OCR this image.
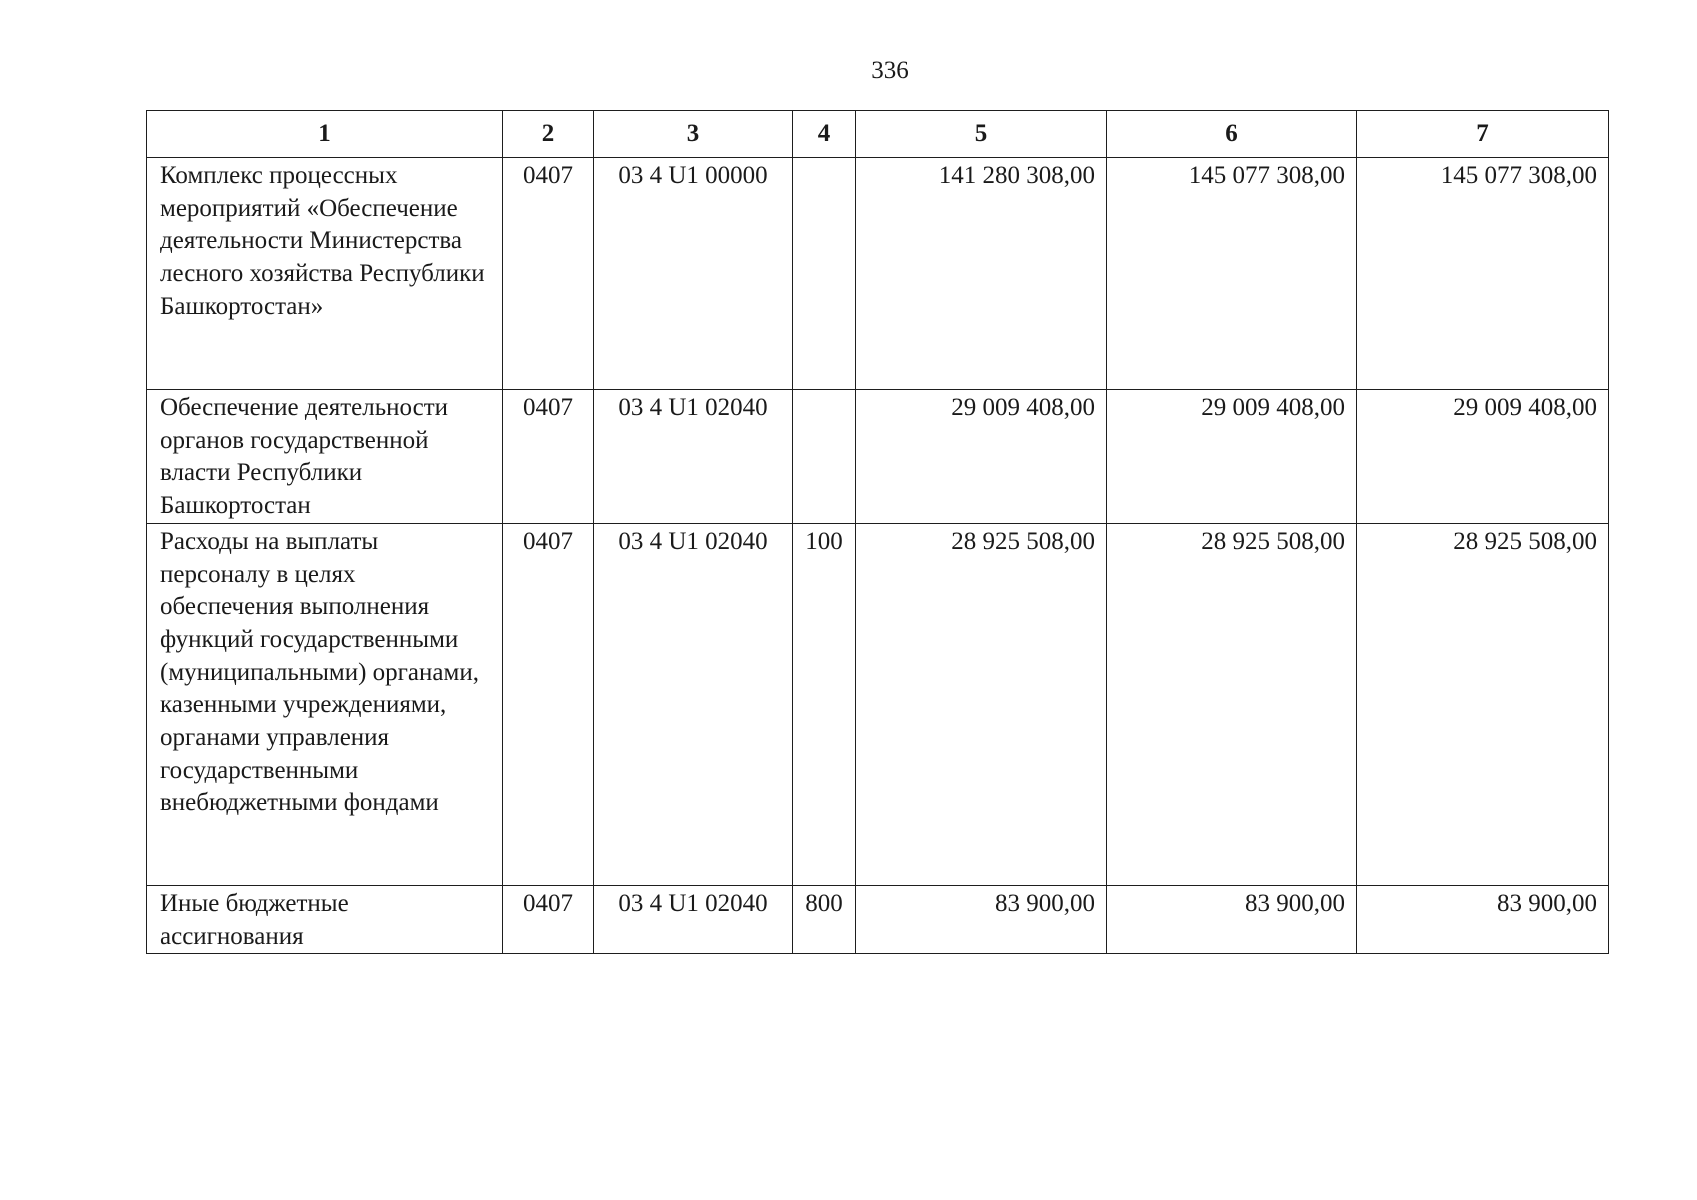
336
1	2	3	4	5	6	7
Комплекс процессных мероприятий «Обеспечение деятельности Министерства лесного хозяйства Республики Башкортостан»	0407	03 4 U1 00000		141 280 308,00	145 077 308,00	145 077 308,00
Обеспечение деятельности органов государственной власти Республики Башкортостан	0407	03 4 U1 02040		29 009 408,00	29 009 408,00	29 009 408,00
Расходы на выплаты персоналу в целях обеспечения выполнения функций государственными (муниципальными) органами, казенными учреждениями, органами управления государственными внебюджетными фондами	0407	03 4 U1 02040	100	28 925 508,00	28 925 508,00	28 925 508,00
Иные бюджетные ассигнования	0407	03 4 U1 02040	800	83 900,00	83 900,00	83 900,00
